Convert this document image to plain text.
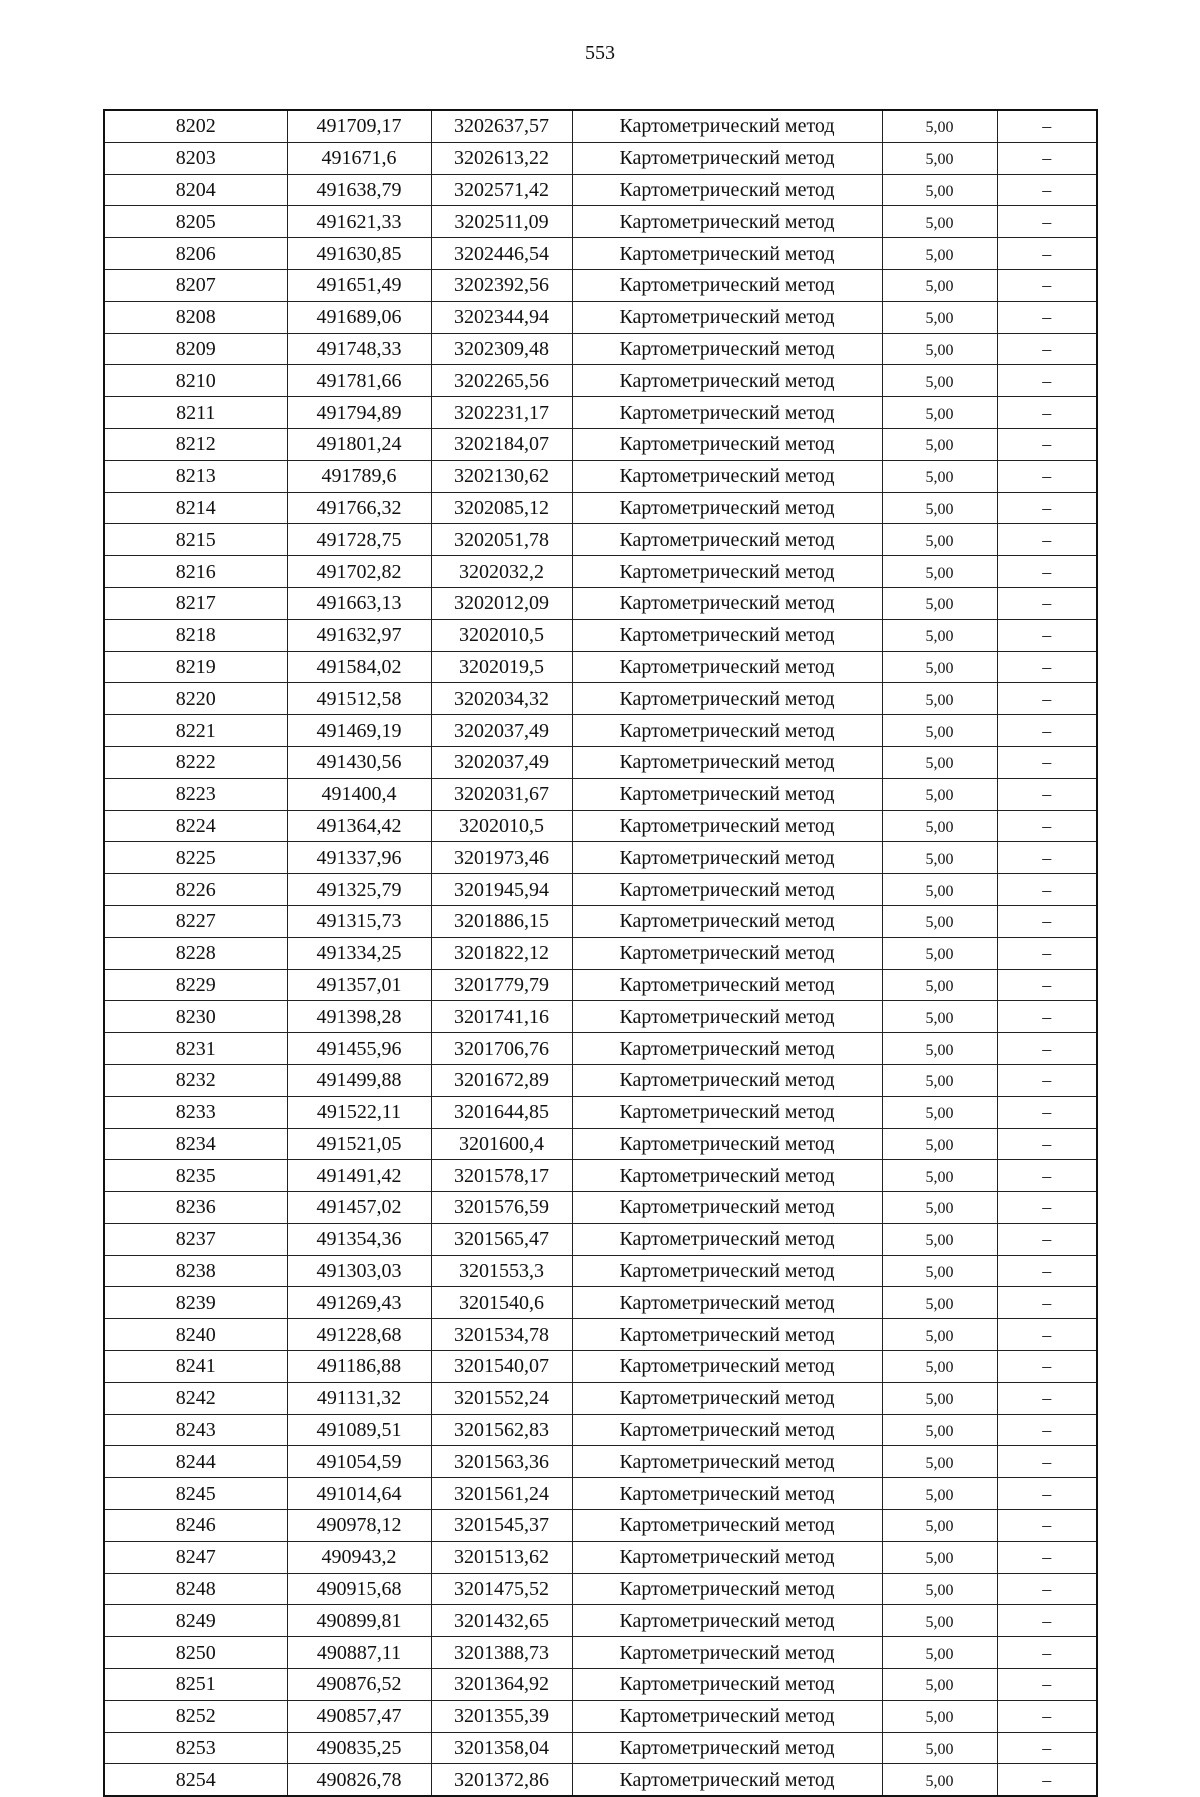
553
8202	491709,17	3202637,57	Картометрический метод	5,00	–
8203	491671,6	3202613,22	Картометрический метод	5,00	–
8204	491638,79	3202571,42	Картометрический метод	5,00	–
8205	491621,33	3202511,09	Картометрический метод	5,00	–
8206	491630,85	3202446,54	Картометрический метод	5,00	–
8207	491651,49	3202392,56	Картометрический метод	5,00	–
8208	491689,06	3202344,94	Картометрический метод	5,00	–
8209	491748,33	3202309,48	Картометрический метод	5,00	–
8210	491781,66	3202265,56	Картометрический метод	5,00	–
8211	491794,89	3202231,17	Картометрический метод	5,00	–
8212	491801,24	3202184,07	Картометрический метод	5,00	–
8213	491789,6	3202130,62	Картометрический метод	5,00	–
8214	491766,32	3202085,12	Картометрический метод	5,00	–
8215	491728,75	3202051,78	Картометрический метод	5,00	–
8216	491702,82	3202032,2	Картометрический метод	5,00	–
8217	491663,13	3202012,09	Картометрический метод	5,00	–
8218	491632,97	3202010,5	Картометрический метод	5,00	–
8219	491584,02	3202019,5	Картометрический метод	5,00	–
8220	491512,58	3202034,32	Картометрический метод	5,00	–
8221	491469,19	3202037,49	Картометрический метод	5,00	–
8222	491430,56	3202037,49	Картометрический метод	5,00	–
8223	491400,4	3202031,67	Картометрический метод	5,00	–
8224	491364,42	3202010,5	Картометрический метод	5,00	–
8225	491337,96	3201973,46	Картометрический метод	5,00	–
8226	491325,79	3201945,94	Картометрический метод	5,00	–
8227	491315,73	3201886,15	Картометрический метод	5,00	–
8228	491334,25	3201822,12	Картометрический метод	5,00	–
8229	491357,01	3201779,79	Картометрический метод	5,00	–
8230	491398,28	3201741,16	Картометрический метод	5,00	–
8231	491455,96	3201706,76	Картометрический метод	5,00	–
8232	491499,88	3201672,89	Картометрический метод	5,00	–
8233	491522,11	3201644,85	Картометрический метод	5,00	–
8234	491521,05	3201600,4	Картометрический метод	5,00	–
8235	491491,42	3201578,17	Картометрический метод	5,00	–
8236	491457,02	3201576,59	Картометрический метод	5,00	–
8237	491354,36	3201565,47	Картометрический метод	5,00	–
8238	491303,03	3201553,3	Картометрический метод	5,00	–
8239	491269,43	3201540,6	Картометрический метод	5,00	–
8240	491228,68	3201534,78	Картометрический метод	5,00	–
8241	491186,88	3201540,07	Картометрический метод	5,00	–
8242	491131,32	3201552,24	Картометрический метод	5,00	–
8243	491089,51	3201562,83	Картометрический метод	5,00	–
8244	491054,59	3201563,36	Картометрический метод	5,00	–
8245	491014,64	3201561,24	Картометрический метод	5,00	–
8246	490978,12	3201545,37	Картометрический метод	5,00	–
8247	490943,2	3201513,62	Картометрический метод	5,00	–
8248	490915,68	3201475,52	Картометрический метод	5,00	–
8249	490899,81	3201432,65	Картометрический метод	5,00	–
8250	490887,11	3201388,73	Картометрический метод	5,00	–
8251	490876,52	3201364,92	Картометрический метод	5,00	–
8252	490857,47	3201355,39	Картометрический метод	5,00	–
8253	490835,25	3201358,04	Картометрический метод	5,00	–
8254	490826,78	3201372,86	Картометрический метод	5,00	–
